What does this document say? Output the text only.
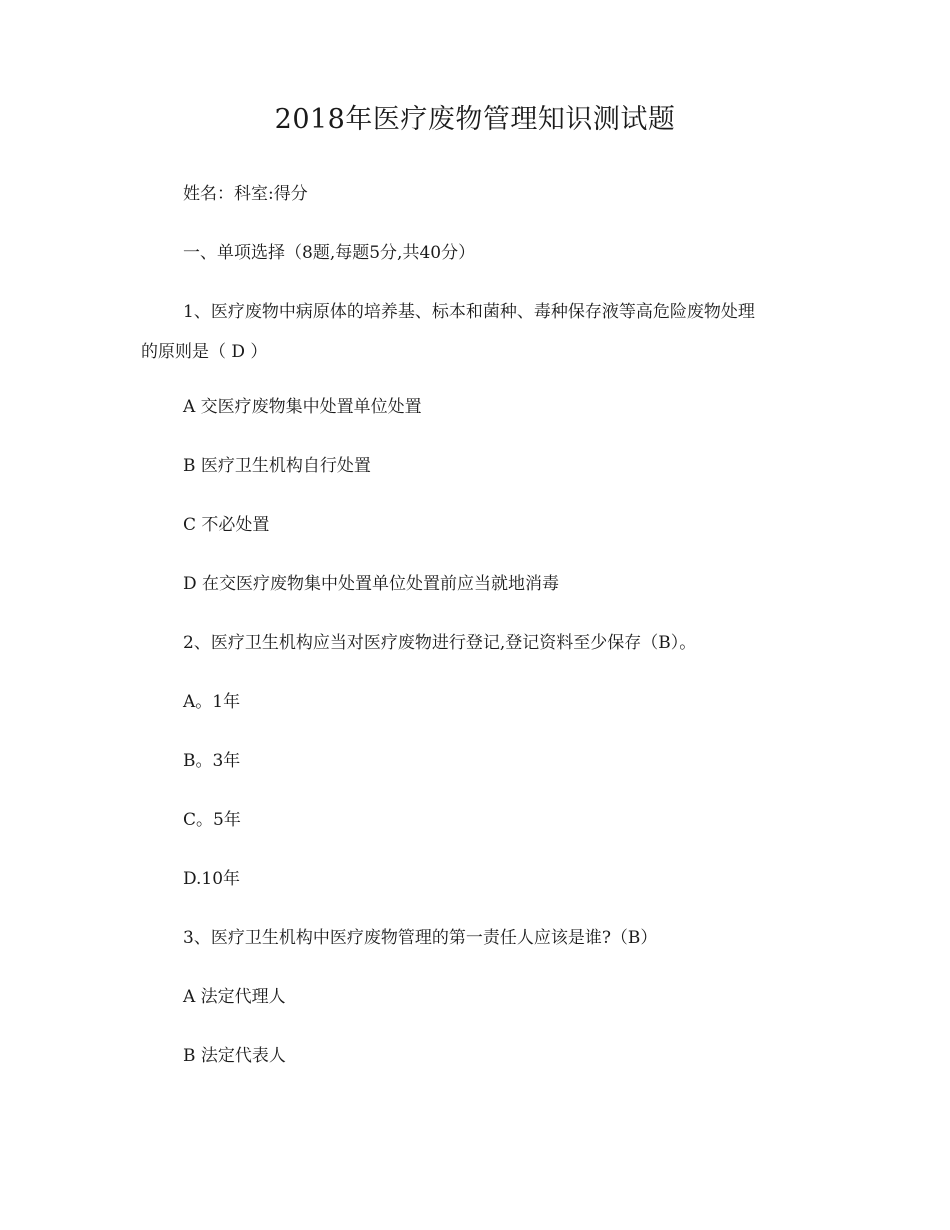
2018年医疗废物管理知识测试题

姓名：科室:得分

一、单项选择（8题,每题5分,共40分）

1、医疗废物中病原体的培养基、标本和菌种、毒种保存液等高危险废物处理

的原则是（ D ）

A 交医疗废物集中处置单位处置

B 医疗卫生机构自行处置

C 不必处置

D 在交医疗废物集中处置单位处置前应当就地消毒

2、医疗卫生机构应当对医疗废物进行登记,登记资料至少保存（B）。

A。1年

B。3年

C。5年

D.10年

3、医疗卫生机构中医疗废物管理的第一责任人应该是谁?（B）

A 法定代理人

B 法定代表人
